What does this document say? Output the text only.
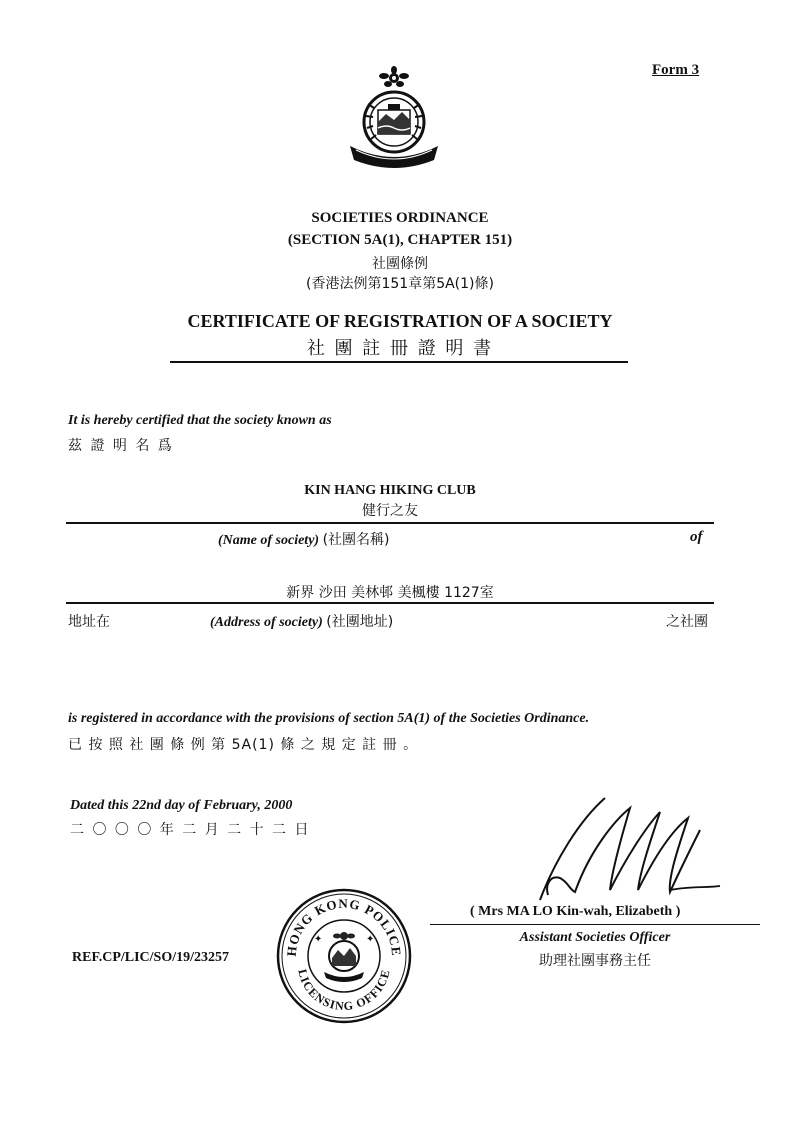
Form 3
SOCIETIES ORDINANCE
(SECTION 5A(1), CHAPTER 151)
社團條例
(香港法例第151章第5A(1)條)
CERTIFICATE OF REGISTRATION OF A SOCIETY
社 團 註 冊 證 明 書
It is hereby certified that the society known as
茲 證 明 名 爲
KIN HANG HIKING CLUB
健行之友
(Name of society) (社團名稱)	of
新界 沙田 美林邨 美楓樓 1127室
地址在	(Address of society) (社團地址)	之社團
is registered in accordance with the provisions of section 5A(1) of the Societies Ordinance.
已 按 照 社 團 條 例 第 5A(1) 條 之 規 定 註 冊 。
Dated this 22nd day of February, 2000
二 〇 〇 〇 年 二 月 二 十 二 日
( Mrs MA LO Kin-wah, Elizabeth )
Assistant Societies Officer
助理社團事務主任
REF.CP/LIC/SO/19/23257	HONG KONG POLICE
LICENSING OFFICE
✦	✦
